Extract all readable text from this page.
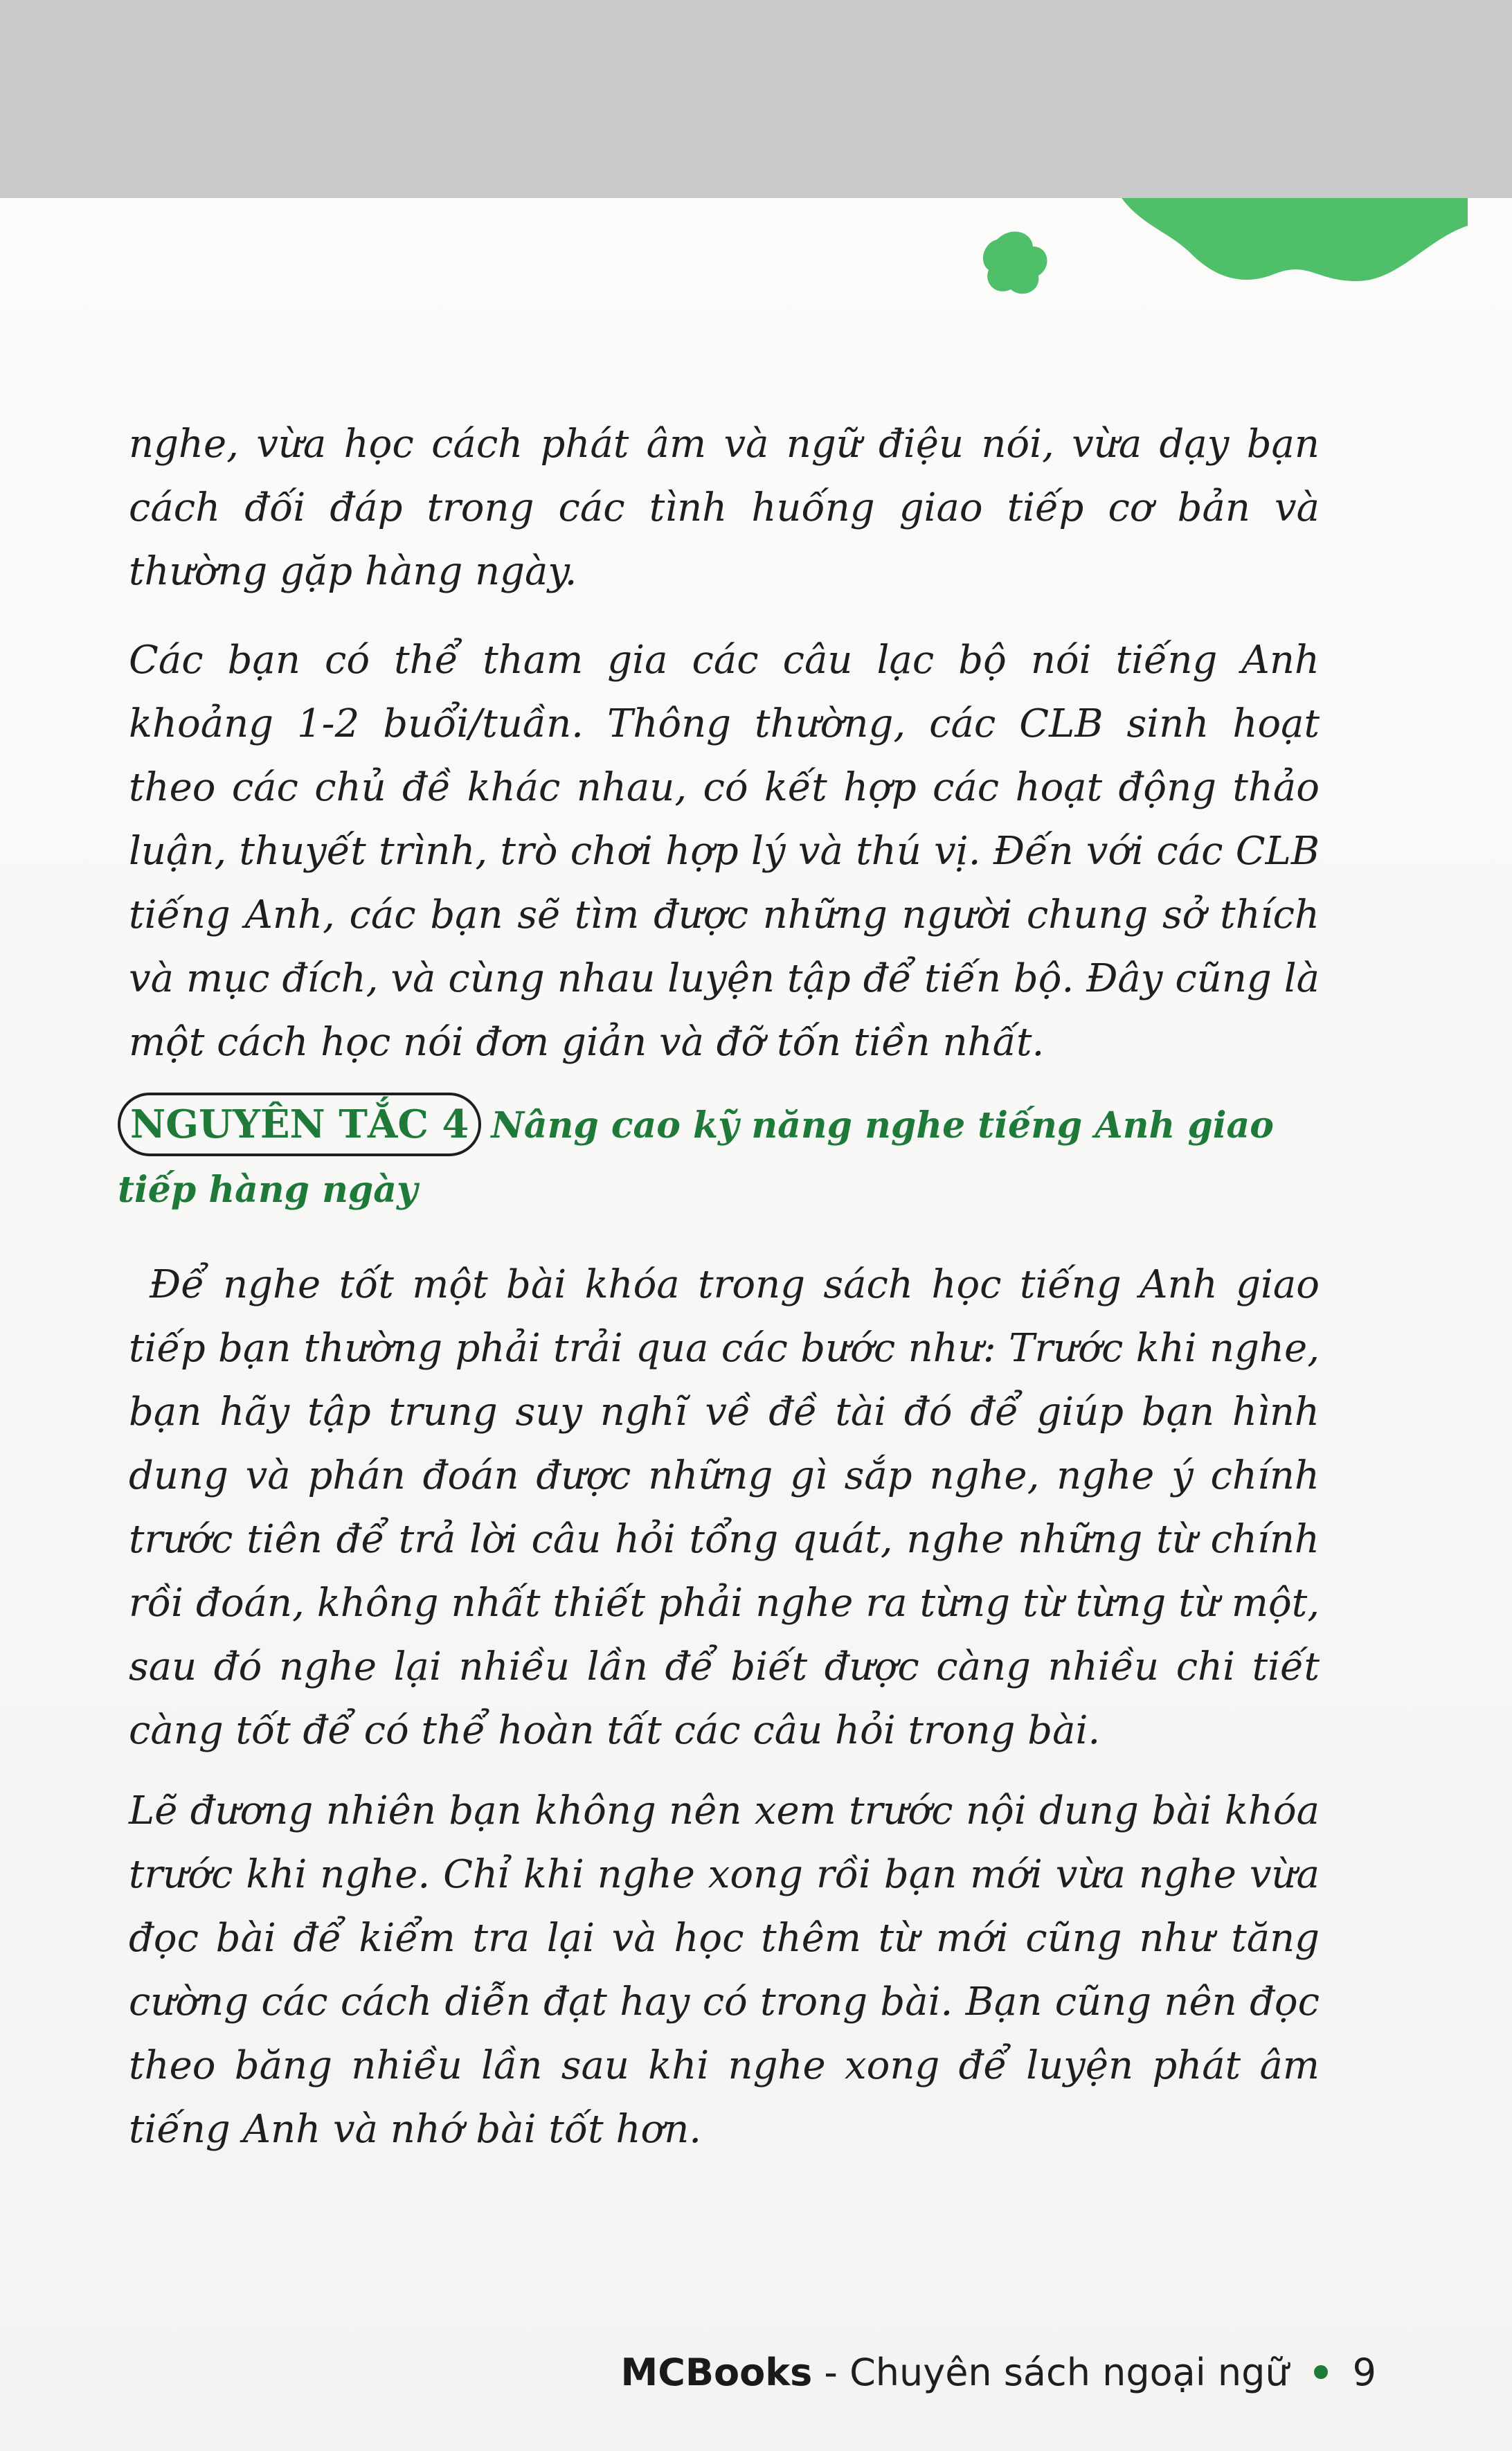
nghe, vừa học cách phát âm và ngữ điệu nói, vừa dạy bạn cách đối đáp trong các tình huống giao tiếp cơ bản và thường gặp hàng ngày.

Các bạn có thể tham gia các câu lạc bộ nói tiếng Anh khoảng 1-2 buổi/tuần. Thông thường, các CLB sinh hoạt theo các chủ đề khác nhau, có kết hợp các hoạt động thảo luận, thuyết trình, trò chơi hợp lý và thú vị. Đến với các CLB tiếng Anh, các bạn sẽ tìm được những người chung sở thích và mục đích, và cùng nhau luyện tập để tiến bộ. Đây cũng là một cách học nói đơn giản và đỡ tốn tiền nhất.

NGUYÊN TẮC 4 Nâng cao kỹ năng nghe tiếng Anh giao tiếp hàng ngày

Để nghe tốt một bài khóa trong sách học tiếng Anh giao tiếp bạn thường phải trải qua các bước như: Trước khi nghe, bạn hãy tập trung suy nghĩ về đề tài đó để giúp bạn hình dung và phán đoán được những gì sắp nghe, nghe ý chính trước tiên để trả lời câu hỏi tổng quát, nghe những từ chính rồi đoán, không nhất thiết phải nghe ra từng từ từng từ một, sau đó nghe lại nhiều lần để biết được càng nhiều chi tiết càng tốt để có thể hoàn tất các câu hỏi trong bài.

Lẽ đương nhiên bạn không nên xem trước nội dung bài khóa trước khi nghe. Chỉ khi nghe xong rồi bạn mới vừa nghe vừa đọc bài để kiểm tra lại và học thêm từ mới cũng như tăng cường các cách diễn đạt hay có trong bài. Bạn cũng nên đọc theo băng nhiều lần sau khi nghe xong để luyện phát âm tiếng Anh và nhớ bài tốt hơn.

MCBooks - Chuyên sách ngoại ngữ 9
